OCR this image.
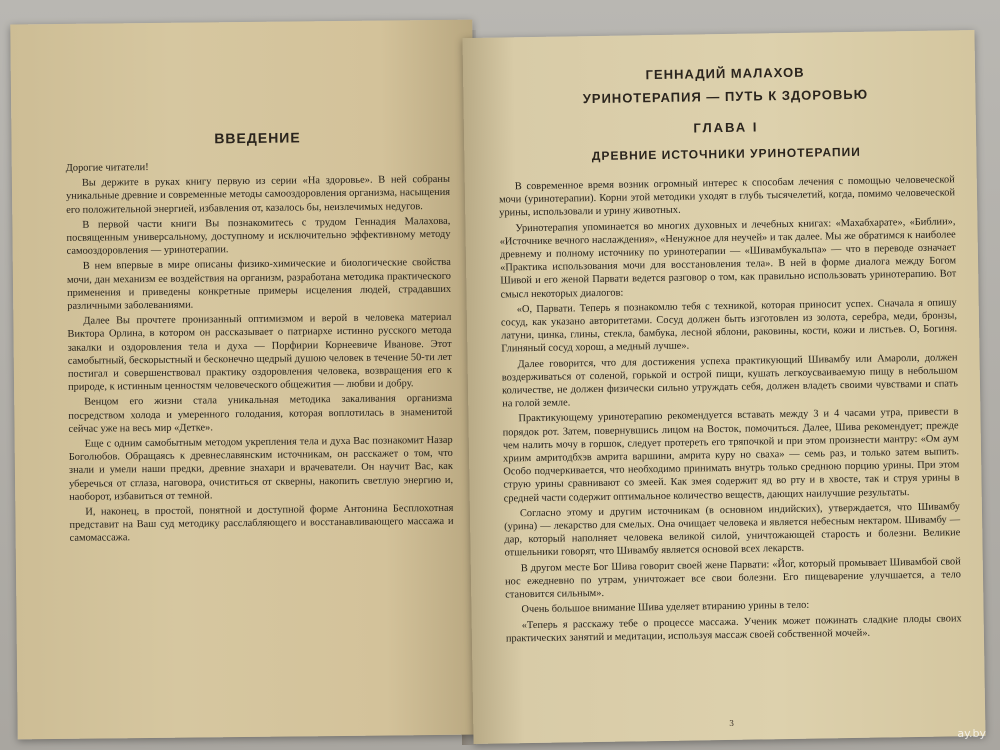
ВВЕДЕНИЕ
Дорогие читатели!
Вы держите в руках книгу первую из серии «На здоровье». В ней собраны уникальные древние и современные методы самооздоровления организма, насыщения его положительной энергией, избавления от, казалось бы, неизлечимых недугов.
В первой части книги Вы познакомитесь с трудом Геннадия Малахова, посвященным универсальному, доступному и исключительно эффективному методу самооздоровления — уринотерапии.
В нем впервые в мире описаны физико-химические и биологические свойства мочи, дан механизм ее воздействия на организм, разработана методика практического применения и приведены конкретные примеры исцеления людей, страдавших различными заболеваниями.
Далее Вы прочтете пронизанный оптимизмом и верой в человека материал Виктора Орлина, в котором он рассказывает о патриархе истинно русского метода закалки и оздоровления тела и духа — Порфирии Корнеевиче Иванове. Этот самобытный, бескорыстный и бесконечно щедрый душою человек в течение 50-ти лет постигал и совершенствовал практику оздоровления человека, возвращения его к природе, к истинным ценностям человеческого общежития — любви и добру.
Венцом его жизни стала уникальная методика закаливания организма посредством холода и умеренного голодания, которая воплотилась в знаменитой сейчас уже на весь мир «Детке».
Еще с одним самобытным методом укрепления тела и духа Вас познакомит Назар Боголюбов. Обращаясь к древнеславянским источникам, он расскажет о том, что знали и умели наши предки, древние знахари и врачеватели. Он научит Вас, как уберечься от сглаза, наговора, очиститься от скверны, накопить светлую энергию и, наоборот, избавиться от темной.
И, наконец, в простой, понятной и доступной форме Антонина Бесплохотная представит на Ваш суд методику расслабляющего и восстанавливающего массажа и самомассажа.
ГЕННАДИЙ МАЛАХОВ
УРИНОТЕРАПИЯ — ПУТЬ К ЗДОРОВЬЮ
ГЛАВА I
ДРЕВНИЕ ИСТОЧНИКИ УРИНОТЕРАПИИ
В современное время возник огромный интерес к способам лечения с помощью человеческой мочи (уринотерапии). Корни этой методики уходят в глубь тысячелетий, когда, помимо человеческой урины, использовали и урину животных.
Уринотерапия упоминается во многих духовных и лечебных книгах: «Махабхарате», «Библии», «Источнике вечного наслаждения», «Ненужное для неучей» и так далее. Мы же обратимся к наиболее древнему и полному источнику по уринотерапии — «Шивамбукальпа» — что в переводе означает «Практика использования мочи для восстановления тела». В ней в форме диалога между Богом Шивой и его женой Парвати ведется разговор о том, как правильно использовать уринотерапию. Вот смысл некоторых диалогов:
«О, Парвати. Теперь я познакомлю тебя с техникой, которая приносит успех. Сначала я опишу сосуд, как указано авторитетами. Сосуд должен быть изготовлен из золота, серебра, меди, бронзы, латуни, цинка, глины, стекла, бамбука, лесной яблони, раковины, кости, кожи и листьев. О, Богиня. Глиняный сосуд хорош, а медный лучше».
Далее говорится, что для достижения успеха практикующий Шивамбу или Амароли, должен воздерживаться от соленой, горькой и острой пищи, кушать легкоусваиваемую пищу в небольшом количестве, не должен физически сильно утруждать себя, должен владеть своими чувствами и спать на голой земле.
Практикующему уринотерапию рекомендуется вставать между 3 и 4 часами утра, привести в порядок рот. Затем, повернувшись лицом на Восток, помочиться. Далее, Шива рекомендует; прежде чем налить мочу в горшок, следует протереть его тряпочкой и при этом произнести мантру: «Ом аум хриим амритодбхэв амрита варшини, амрита куру но сваха» — семь раз, и только затем выпить. Особо подчеркивается, что необходимо принимать внутрь только среднюю порцию урины. При этом струю урины сравнивают со змеей. Как змея содержит яд во рту и в хвосте, так и струя урины в средней части содержит оптимальное количество веществ, дающих наилучшие результаты.
Согласно этому и другим источникам (в основном индийских), утверждается, что Шивамбу (урина) — лекарство для смелых. Она очищает человека и является небесным нектаром. Шивамбу — дар, который наполняет человека великой силой, уничтожающей старость и болезни. Великие отшельники говорят, что Шивамбу является основой всех лекарств.
В другом месте Бог Шива говорит своей жене Парвати: «Йог, который промывает Шивамбой свой нос ежедневно по утрам, уничтожает все свои болезни. Его пищеварение улучшается, а тело становится сильным».
Очень большое внимание Шива уделяет втиранию урины в тело:
«Теперь я расскажу тебе о процессе массажа. Ученик может пожинать сладкие плоды своих практических занятий и медитации, используя массаж своей собственной мочей».
3
ay.by
